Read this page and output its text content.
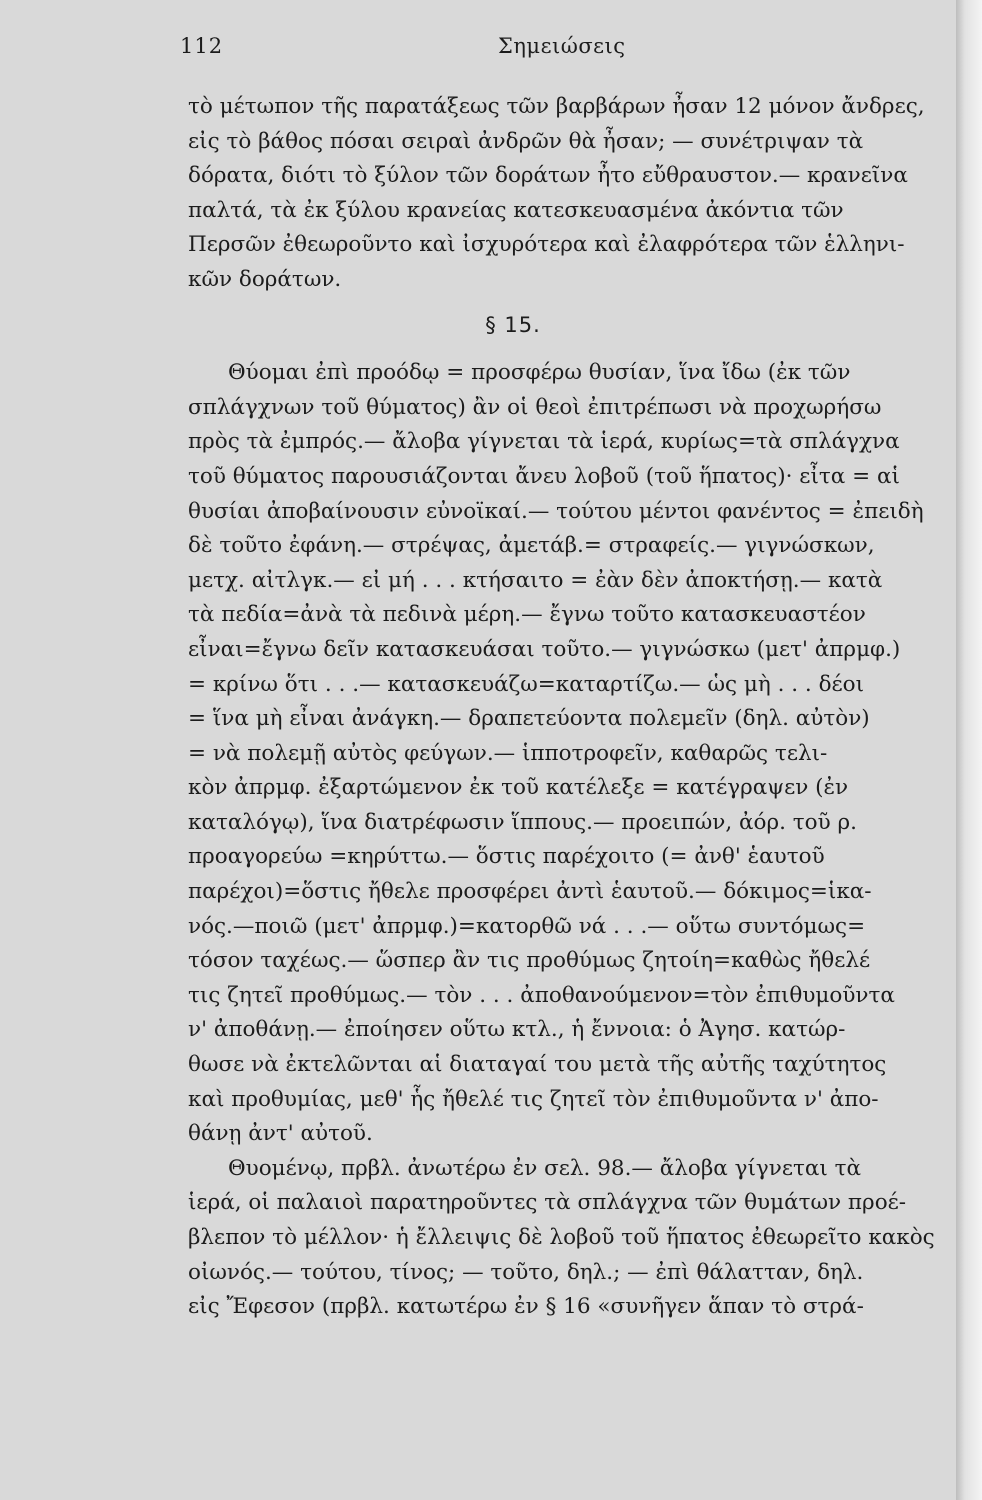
112	Σημειώσεις
τὸ μέτωπον τῆς παρατάξεως τῶν βαρβάρων ἦσαν 12 μόνον ἄνδρες,
εἰς τὸ βάθος πόσαι σειραὶ ἀνδρῶν θὰ ἦσαν; — συνέτριψαν τὰ
δόρατα, διότι τὸ ξύλον τῶν δοράτων ἦτο εὔθραυστον.— κρανεῖνα
παλτά, τὰ ἐκ ξύλου κρανείας κατεσκευασμένα ἀκόντια τῶν
Περσῶν ἐθεωροῦντο καὶ ἰσχυρότερα καὶ ἐλαφρότερα τῶν ἑλληνι-
κῶν δοράτων.
§ 15.
Θύομαι ἐπὶ προόδῳ = προσφέρω θυσίαν, ἵνα ἴδω (ἐκ τῶν
σπλάγχνων τοῦ θύματος) ἂν οἱ θεοὶ ἐπιτρέπωσι νὰ προχωρήσω
πρὸς τὰ ἐμπρός.— ἄλοβα γίγνεται τὰ ἱερά, κυρίως=τὰ σπλάγχνα
τοῦ θύματος παρουσιάζονται ἄνευ λοβοῦ (τοῦ ἥπατος)· εἶτα = αἱ
θυσίαι ἀποβαίνουσιν εὐνοϊκαί.— τούτου μέντοι φανέντος = ἐπειδὴ
δὲ τοῦτο ἐφάνη.— στρέψας, ἀμετάβ.= στραφείς.— γιγνώσκων,
μετχ. αἰτλγκ.— εἰ μή . . . κτήσαιτο = ἐὰν δὲν ἀποκτήσῃ.— κατὰ
τὰ πεδία=ἀνὰ τὰ πεδινὰ μέρη.— ἔγνω τοῦτο κατασκευαστέον
εἶναι=ἔγνω δεῖν κατασκευάσαι τοῦτο.— γιγνώσκω (μετ' ἀπρμφ.)
= κρίνω ὅτι . . .— κατασκευάζω=καταρτίζω.— ὡς μὴ . . . δέοι
= ἵνα μὴ εἶναι ἀνάγκη.— δραπετεύοντα πολεμεῖν (δηλ. αὐτὸν)
= νὰ πολεμῇ αὐτὸς φεύγων.— ἱπποτροφεῖν, καθαρῶς τελι-
κὸν ἀπρμφ. ἐξαρτώμενον ἐκ τοῦ κατέλεξε = κατέγραψεν (ἐν
καταλόγῳ), ἵνα διατρέφωσιν ἵππους.— προειπών, ἀόρ. τοῦ ρ.
προαγορεύω =κηρύττω.— ὅστις παρέχοιτο (= ἀνθ' ἑαυτοῦ
παρέχοι)=ὅστις ἤθελε προσφέρει ἀντὶ ἑαυτοῦ.— δόκιμος=ἱκα-
νός.—ποιῶ (μετ' ἀπρμφ.)=κατορθῶ νά . . .— οὕτω συντόμως=
τόσον ταχέως.— ὥσπερ ἂν τις προθύμως ζητοίη=καθὼς ἤθελέ
τις ζητεῖ προθύμως.— τὸν . . . ἀποθανούμενον=τὸν ἐπιθυμοῦντα
ν' ἀποθάνῃ.— ἐποίησεν οὕτω κτλ., ἡ ἔννοια: ὁ Ἀγησ. κατώρ-
θωσε νὰ ἐκτελῶνται αἱ διαταγαί του μετὰ τῆς αὐτῆς ταχύτητος
καὶ προθυμίας, μεθ' ἧς ἤθελέ τις ζητεῖ τὸν ἐπιθυμοῦντα ν' ἀπο-
θάνῃ ἀντ' αὐτοῦ.
Θυομένῳ, πρβλ. ἀνωτέρω ἐν σελ. 98.— ἄλοβα γίγνεται τὰ
ἱερά, οἱ παλαιοὶ παρατηροῦντες τὰ σπλάγχνα τῶν θυμάτων προέ-
βλεπον τὸ μέλλον· ἡ ἔλλειψις δὲ λοβοῦ τοῦ ἥπατος ἐθεωρεῖτο κακὸς
οἰωνός.— τούτου, τίνος; — τοῦτο, δηλ.; — ἐπὶ θάλατταν, δηλ.
εἰς Ἔφεσον (πρβλ. κατωτέρω ἐν § 16 «συνῆγεν ἅπαν τὸ στρά-
